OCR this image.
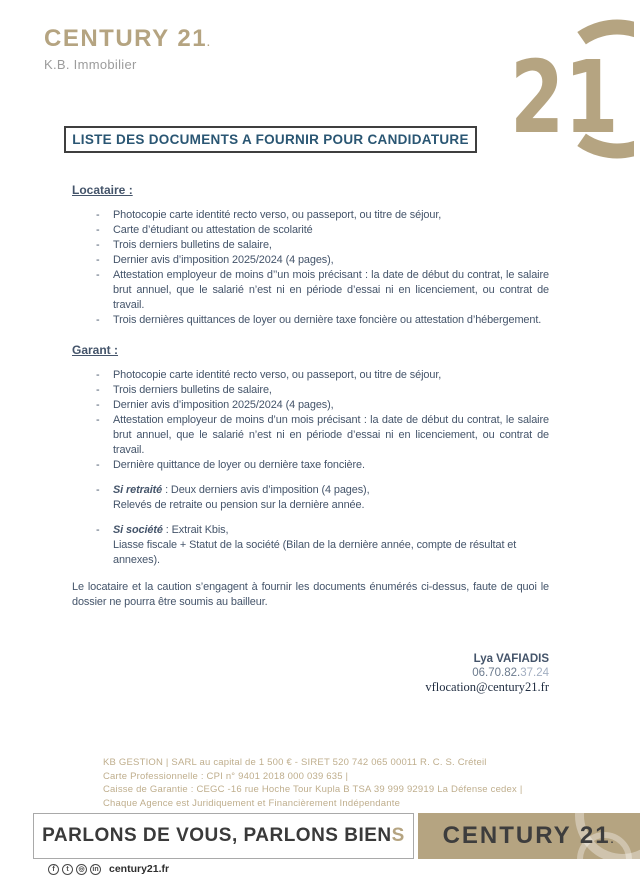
CENTURY 21.
K.B. Immobilier	21
LISTE DES DOCUMENTS A FOURNIR POUR CANDIDATURE
Locataire :
-	Photocopie carte identité recto verso, ou passeport, ou titre de séjour,
-	Carte d’étudiant ou attestation de scolarité
-	Trois derniers bulletins de salaire,
-	Dernier avis d’imposition 2025/2024 (4 pages),
-	Attestation employeur de moins d’’un mois précisant : la date de début du contrat, le salaire brut annuel, que le salarié n’est ni en période d’essai ni en licenciement, ou contrat de travail.
-	Trois dernières quittances de loyer ou dernière taxe foncière ou attestation d’hébergement.
Garant :
-	Photocopie carte identité recto verso, ou passeport, ou titre de séjour,
-	Trois derniers bulletins de salaire,
-	Dernier avis d’imposition 2025/2024 (4 pages),
-	Attestation employeur de moins d’un mois précisant : la date de début du contrat, le salaire brut annuel, que le salarié n’est ni en période d’essai ni en licenciement, ou contrat de travail.
-	Dernière quittance de loyer ou dernière taxe foncière.
-	Si retraité : Deux derniers avis d’imposition (4 pages),
Relevés de retraite ou pension sur la dernière année.
-	Si société : Extrait Kbis,
Liasse fiscale + Statut de la société (Bilan de la dernière année, compte de résultat et annexes).

Le locataire et la caution s’engagent à fournir les documents énumérés ci-dessus, faute de quoi le dossier ne pourra être soumis au bailleur.

Lya VAFIADIS
06.70.82.37.24
vflocation@century21.fr
KB GESTION | SARL au capital de 1 500 € - SIRET 520 742 065 00011 R. C. S. Créteil
Carte Professionnelle : CPI n° 9401 2018 000 039 635 |
Caisse de Garantie : CEGC -16 rue Hoche Tour Kupla B TSA 39 999 92919 La Défense cedex |
Chaque Agence est Juridiquement et Financièrement Indépendante
PARLONS DE VOUS, PARLONS BIEN S CENTURY 21.
f	t	◎	in century21.fr
